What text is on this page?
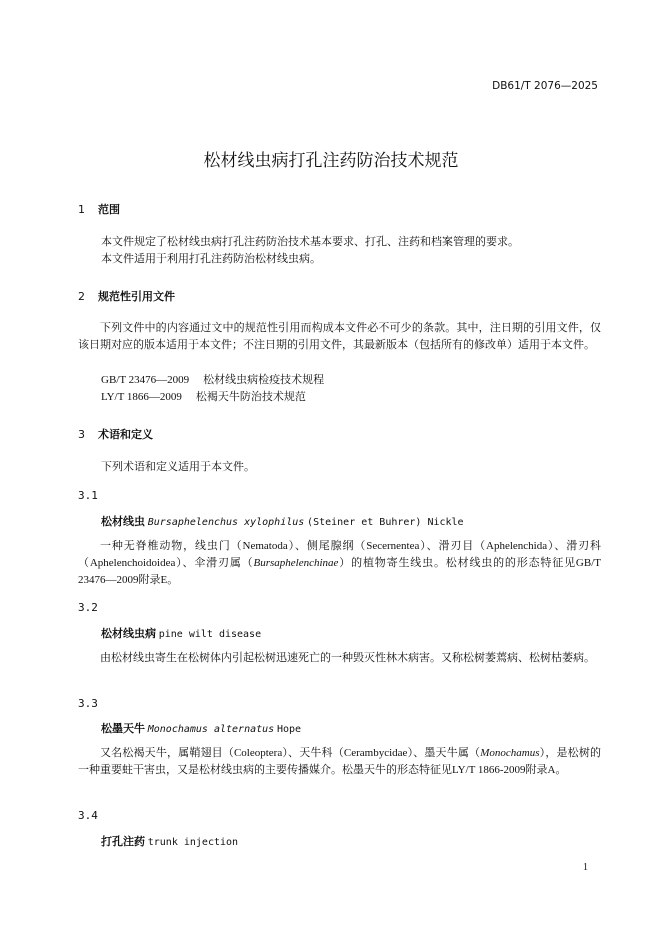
DB61/T 2076—2025
松材线虫病打孔注药防治技术规范
1 范围
本文件规定了松材线虫病打孔注药防治技术基本要求、打孔、注药和档案管理的要求。
本文件适用于利用打孔注药防治松材线虫病。
2 规范性引用文件
下列文件中的内容通过文中的规范性引用而构成本文件必不可少的条款。其中，注日期的引用文件，仅该日期对应的版本适用于本文件；不注日期的引用文件，其最新版本（包括所有的修改单）适用于本文件。
GB/T 23476—2009 松材线虫病检疫技术规程
LY/T 1866—2009 松褐天牛防治技术规范
3 术语和定义
下列术语和定义适用于本文件。
3.1
松材线虫 Bursaphelenchus xylophilus (Steiner et Buhrer) Nickle
一种无脊椎动物，线虫门（Nematoda）、侧尾腺纲（Secernentea）、滑刃目（Aphelenchida）、滑刃科（Aphelenchoidoidea）、伞滑刃属（Bursaphelenchinae）的植物寄生线虫。松材线虫的的形态特征见GB/T 23476—2009附录E。
3.2
松材线虫病 pine wilt disease
由松材线虫寄生在松树体内引起松树迅速死亡的一种毁灭性林木病害。又称松树萎蔫病、松树枯萎病。
3.3
松墨天牛 Monochamus alternatus Hope
又名松褐天牛，属鞘翅目（Coleoptera）、天牛科（Cerambycidae）、墨天牛属（Monochamus），是松树的一种重要蛀干害虫，又是松材线虫病的主要传播媒介。松墨天牛的形态特征见LY/T 1866-2009附录A。
3.4
打孔注药 trunk injection
1
